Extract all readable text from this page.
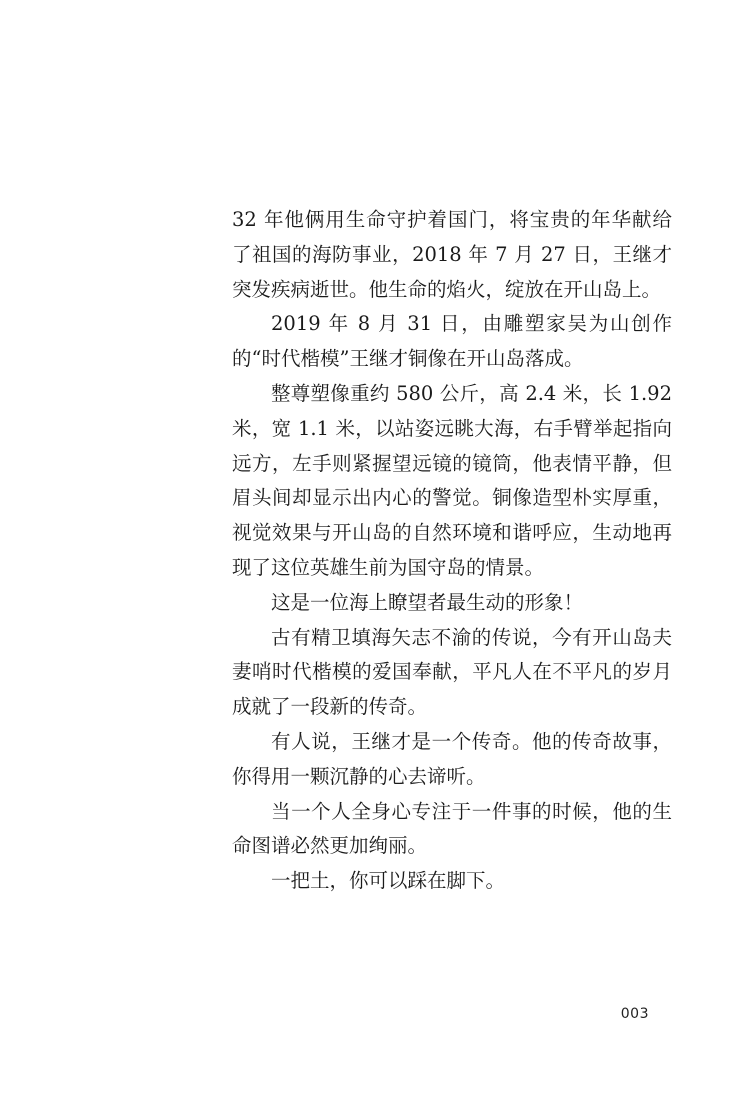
32 年他俩用生命守护着国门，将宝贵的年华献给了祖国的海防事业，2018 年 7 月 27 日，王继才突发疾病逝世。他生命的焰火，绽放在开山岛上。

2019 年 8 月 31 日，由雕塑家吴为山创作的“时代楷模”王继才铜像在开山岛落成。

整尊塑像重约 580 公斤，高 2.4 米，长 1.92 米，宽 1.1 米，以站姿远眺大海，右手臂举起指向远方，左手则紧握望远镜的镜筒，他表情平静，但眉头间却显示出内心的警觉。铜像造型朴实厚重，视觉效果与开山岛的自然环境和谐呼应，生动地再现了这位英雄生前为国守岛的情景。

这是一位海上瞭望者最生动的形象！

古有精卫填海矢志不渝的传说，今有开山岛夫妻哨时代楷模的爱国奉献，平凡人在不平凡的岁月成就了一段新的传奇。

有人说，王继才是一个传奇。他的传奇故事，你得用一颗沉静的心去谛听。

当一个人全身心专注于一件事的时候，他的生命图谱必然更加绚丽。

一把土，你可以踩在脚下。

003
